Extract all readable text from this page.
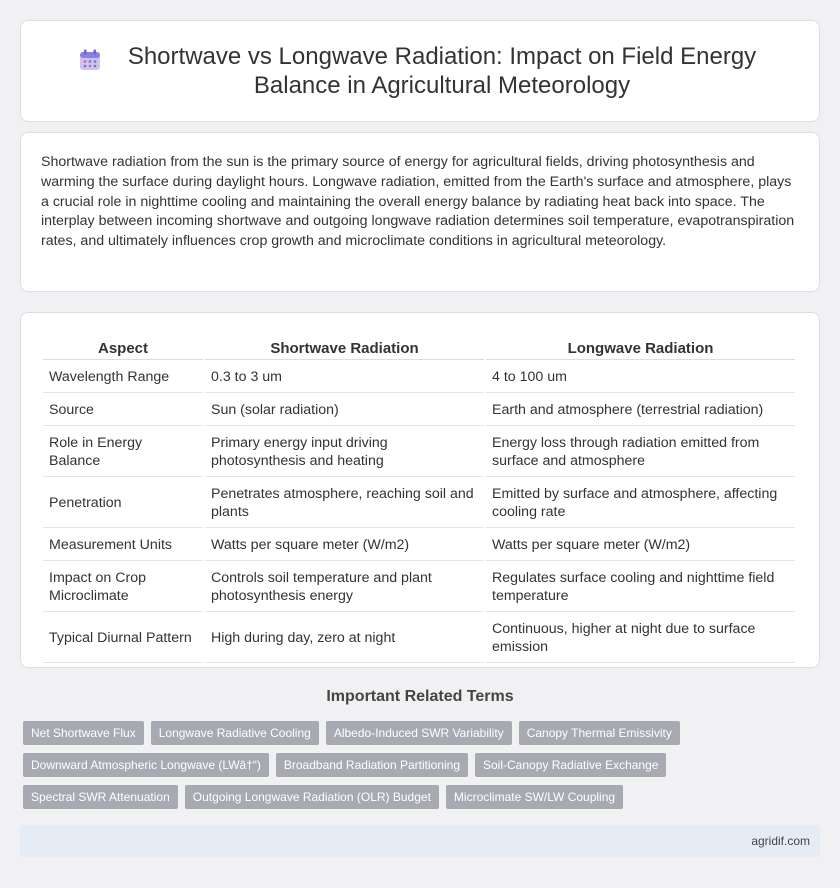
Shortwave vs Longwave Radiation: Impact on Field Energy Balance in Agricultural Meteorology

Shortwave radiation from the sun is the primary source of energy for agricultural fields, driving photosynthesis and warming the surface during daylight hours. Longwave radiation, emitted from the Earth's surface and atmosphere, plays a crucial role in nighttime cooling and maintaining the overall energy balance by radiating heat back into space. The interplay between incoming shortwave and outgoing longwave radiation determines soil temperature, evapotranspiration rates, and ultimately influences crop growth and microclimate conditions in agricultural meteorology.

Aspect	Shortwave Radiation	Longwave Radiation
Wavelength Range	0.3 to 3 um	4 to 100 um
Source	Sun (solar radiation)	Earth and atmosphere (terrestrial radiation)
Role in Energy Balance	Primary energy input driving photosynthesis and heating	Energy loss through radiation emitted from surface and atmosphere
Penetration	Penetrates atmosphere, reaching soil and plants	Emitted by surface and atmosphere, affecting cooling rate
Measurement Units	Watts per square meter (W/m2)	Watts per square meter (W/m2)
Impact on Crop Microclimate	Controls soil temperature and plant photosynthesis energy	Regulates surface cooling and nighttime field temperature
Typical Diurnal Pattern	High during day, zero at night	Continuous, higher at night due to surface emission
Important Related Terms
Net Shortwave Flux	Longwave Radiative Cooling	Albedo-Induced SWR Variability	Canopy Thermal Emissivity
Downward Atmospheric Longwave (LWâ†“)	Broadband Radiation Partitioning	Soil-Canopy Radiative Exchange
Spectral SWR Attenuation	Outgoing Longwave Radiation (OLR) Budget	Microclimate SW/LW Coupling
agridif.com
